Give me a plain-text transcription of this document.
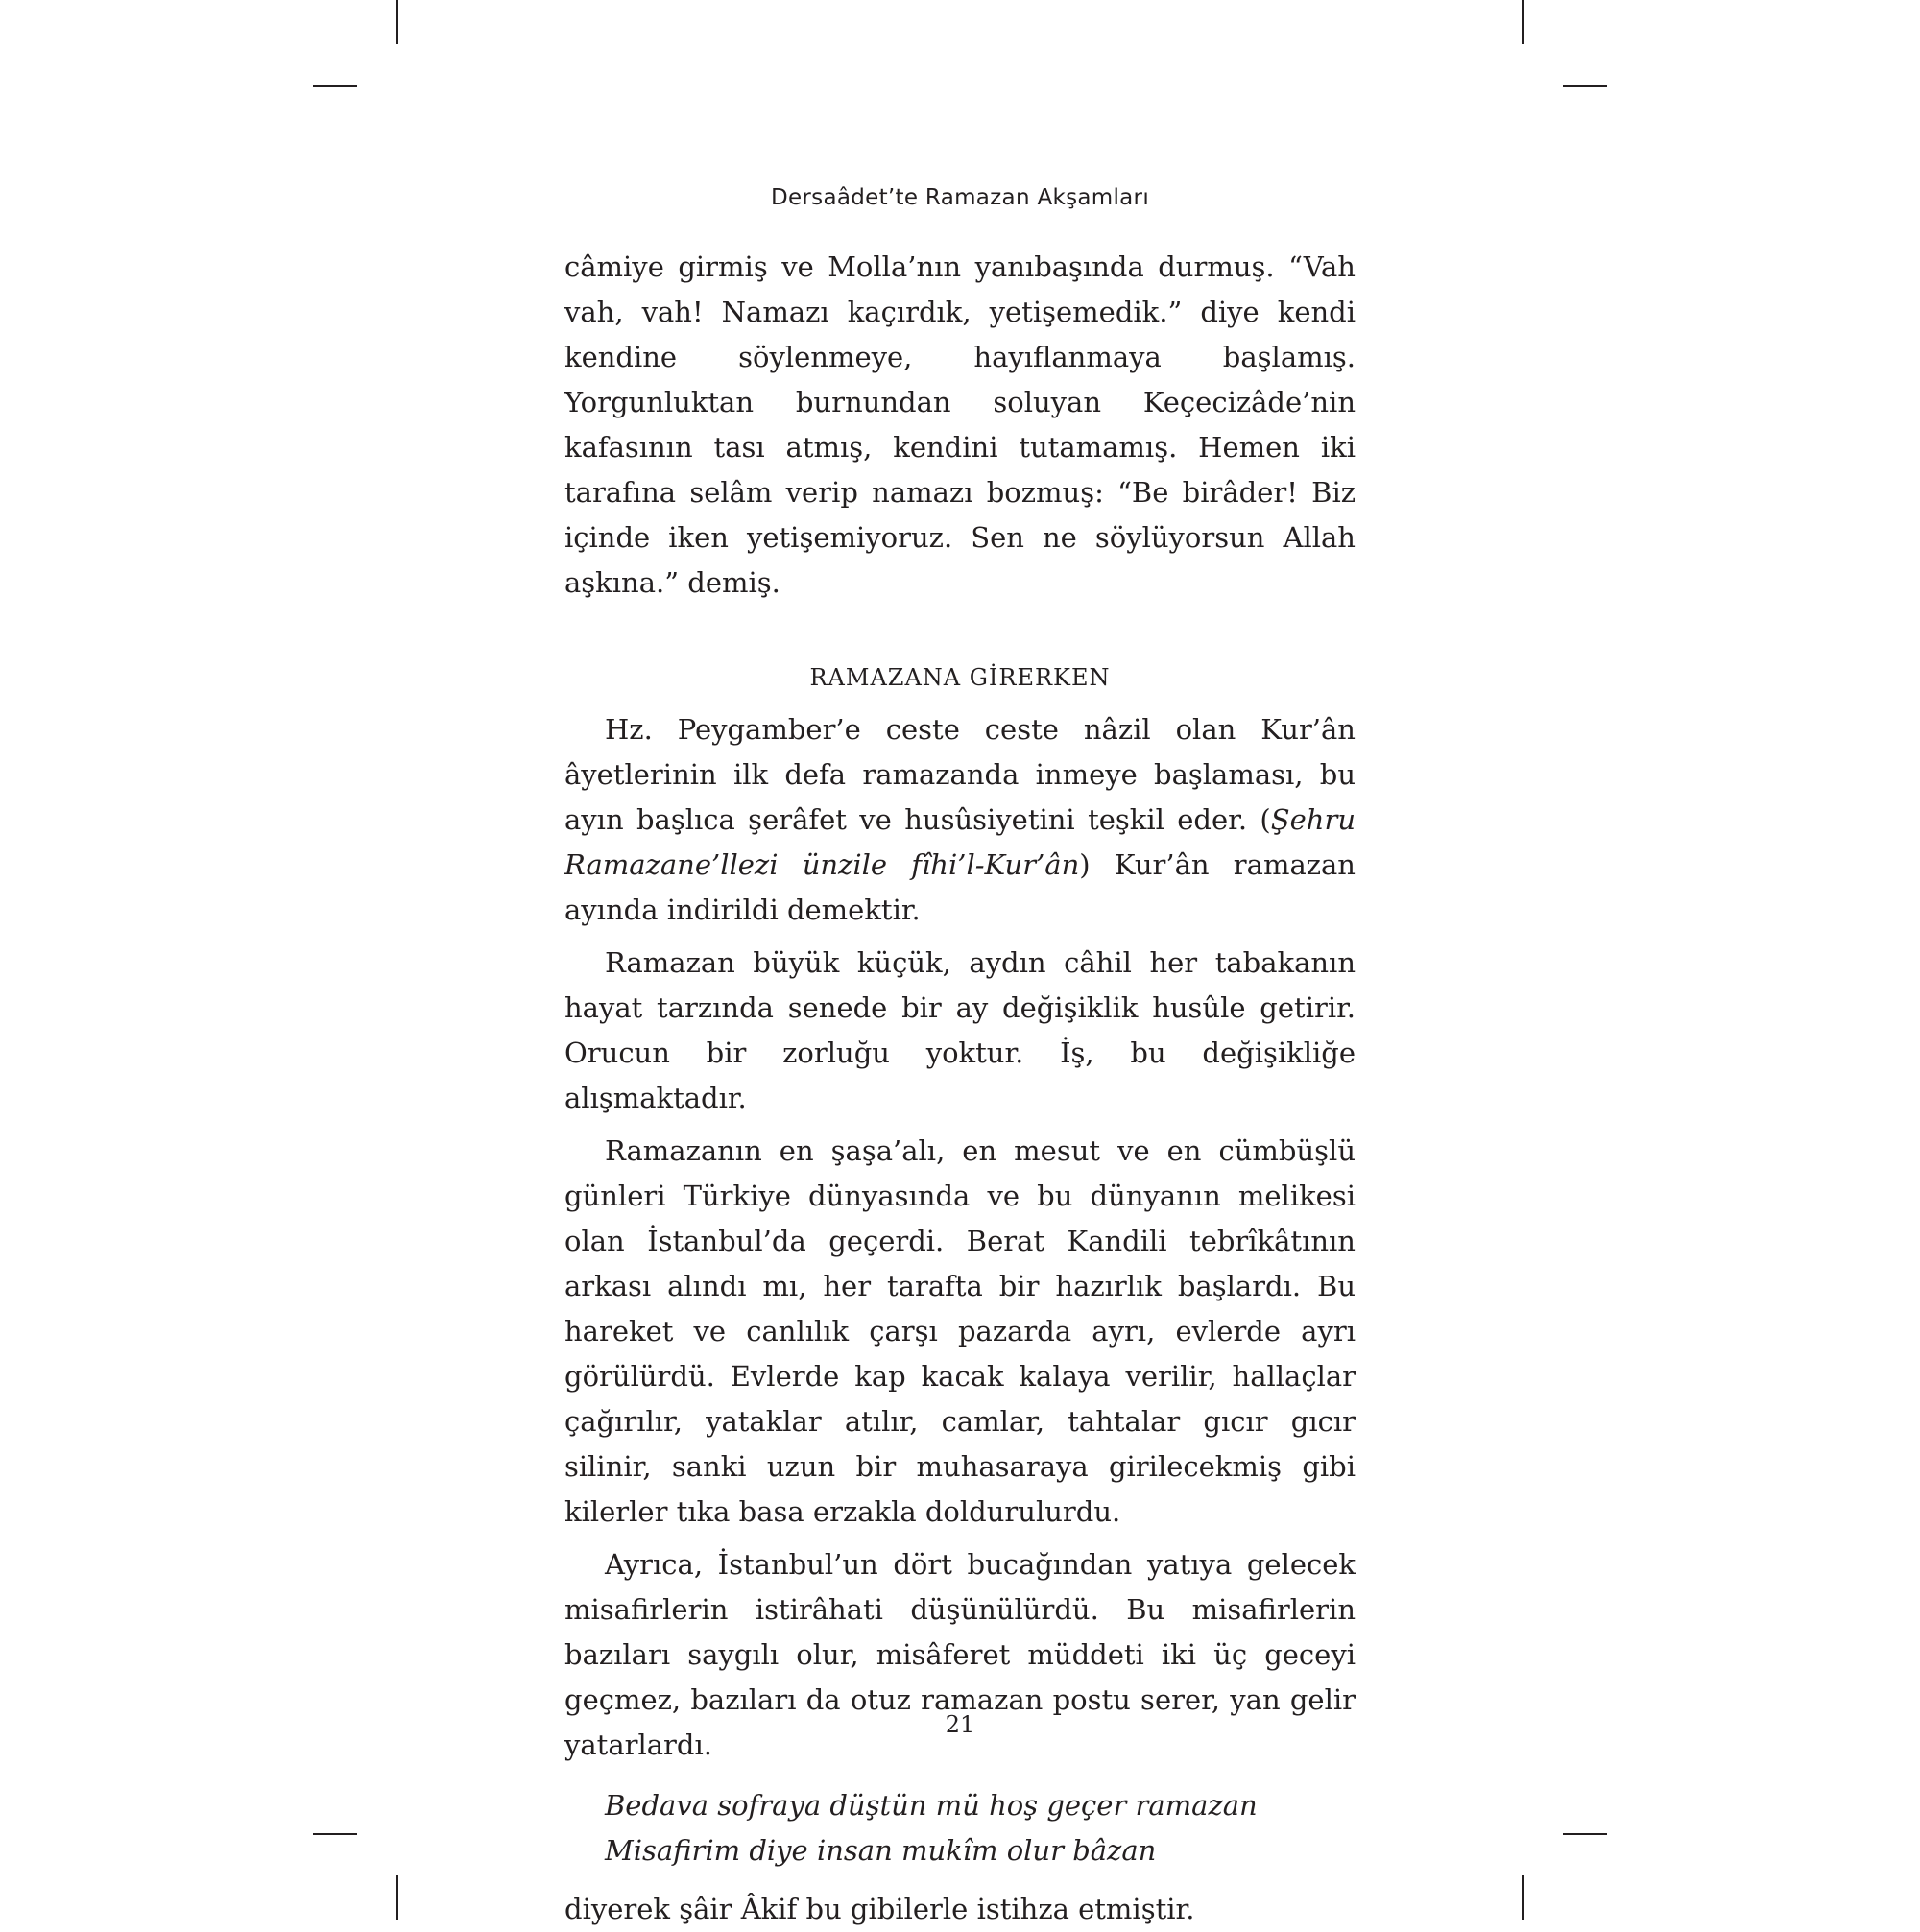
Dersaâdet’te Ramazan Akşamları

câmiye girmiş ve Molla’nın yanıbaşında durmuş. “Vah vah, vah! Namazı kaçırdık, yetişemedik.” diye kendi kendine söylenmeye, hayıflanmaya başlamış. Yorgunluktan burnundan soluyan Keçecizâde’nin kafasının tası atmış, kendini tutamamış. Hemen iki tarafına selâm verip namazı bozmuş: “Be birâder! Biz içinde iken yetişemiyoruz. Sen ne söylüyorsun Allah aşkına.” demiş.

RAMAZANA GİRERKEN

Hz. Peygamber’e ceste ceste nâzil olan Kur’ân âyetlerinin ilk defa ramazanda inmeye başlaması, bu ayın başlıca şerâfet ve husûsiyetini teşkil eder. (Şehru Ramazane’llezi ünzile fîhi’l-Kur’ân) Kur’ân ramazan ayında indirildi demektir.

Ramazan büyük küçük, aydın câhil her tabakanın hayat tarzında senede bir ay değişiklik husûle getirir. Orucun bir zorluğu yoktur. İş, bu değişikliğe alışmaktadır.

Ramazanın en şaşa’alı, en mesut ve en cümbüşlü günleri Türkiye dünyasında ve bu dünyanın melikesi olan İstanbul’da geçerdi. Berat Kandili tebrîkâtının arkası alındı mı, her tarafta bir hazırlık başlardı. Bu hareket ve canlılık çarşı pazarda ayrı, evlerde ayrı görülürdü. Evlerde kap kacak kalaya verilir, hallaçlar çağırılır, yataklar atılır, camlar, tahtalar gıcır gıcır silinir, sanki uzun bir muhasaraya girilecekmiş gibi kilerler tıka basa erzakla doldurulurdu.

Ayrıca, İstanbul’un dört bucağından yatıya gelecek misafirlerin istirâhati düşünülürdü. Bu misafirlerin bazıları saygılı olur, misâferet müddeti iki üç geceyi geçmez, bazıları da otuz ramazan postu serer, yan gelir yatarlardı.

Bedava sofraya düştün mü hoş geçer ramazan
Misafirim diye insan mukîm olur bâzan

diyerek şâir Âkif bu gibilerle istihza etmiştir.

21
